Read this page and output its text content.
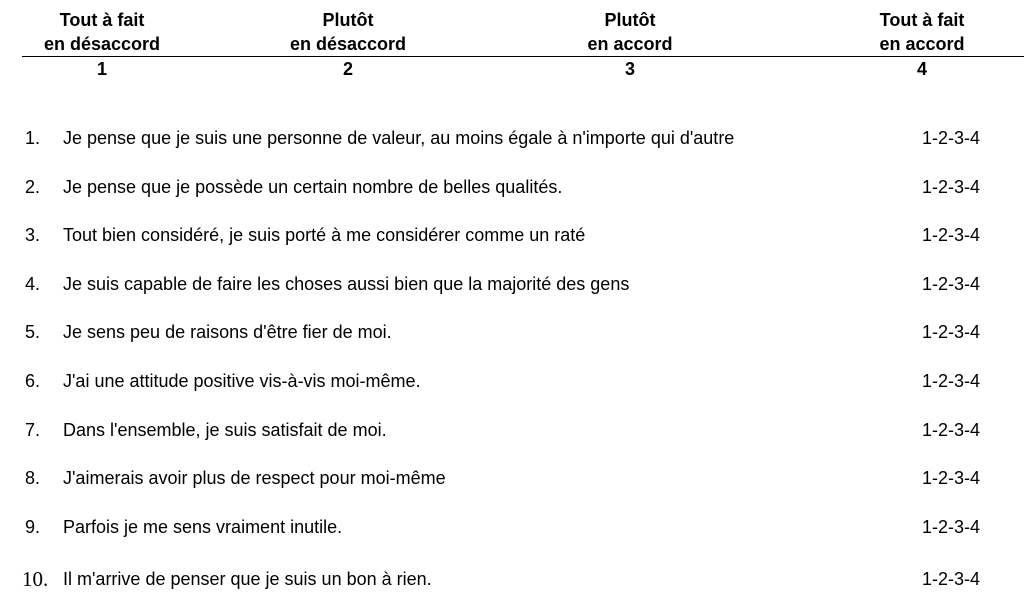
Tout à fait
en désaccord
1
Plutôt
en désaccord
2
Plutôt
en accord
3
Tout à fait
en accord
4
1.	Je pense que je suis une personne de valeur, au moins égale à n'importe qui d'autre	1-2-3-4
2.	Je pense que je possède un certain nombre de belles qualités.	1-2-3-4
3.	Tout bien considéré, je suis porté à me considérer comme un raté	1-2-3-4
4.	Je suis capable de faire les choses aussi bien que la majorité des gens	1-2-3-4
5.	Je sens peu de raisons d'être fier de moi.	1-2-3-4
6.	J'ai une attitude positive vis-à-vis moi-même.	1-2-3-4
7.	Dans l'ensemble, je suis satisfait de moi.	1-2-3-4
8.	J'aimerais avoir plus de respect pour moi-même	1-2-3-4
9.	Parfois je me sens vraiment inutile.	1-2-3-4
10. Il m'arrive de penser que je suis un bon à rien.	1-2-3-4
